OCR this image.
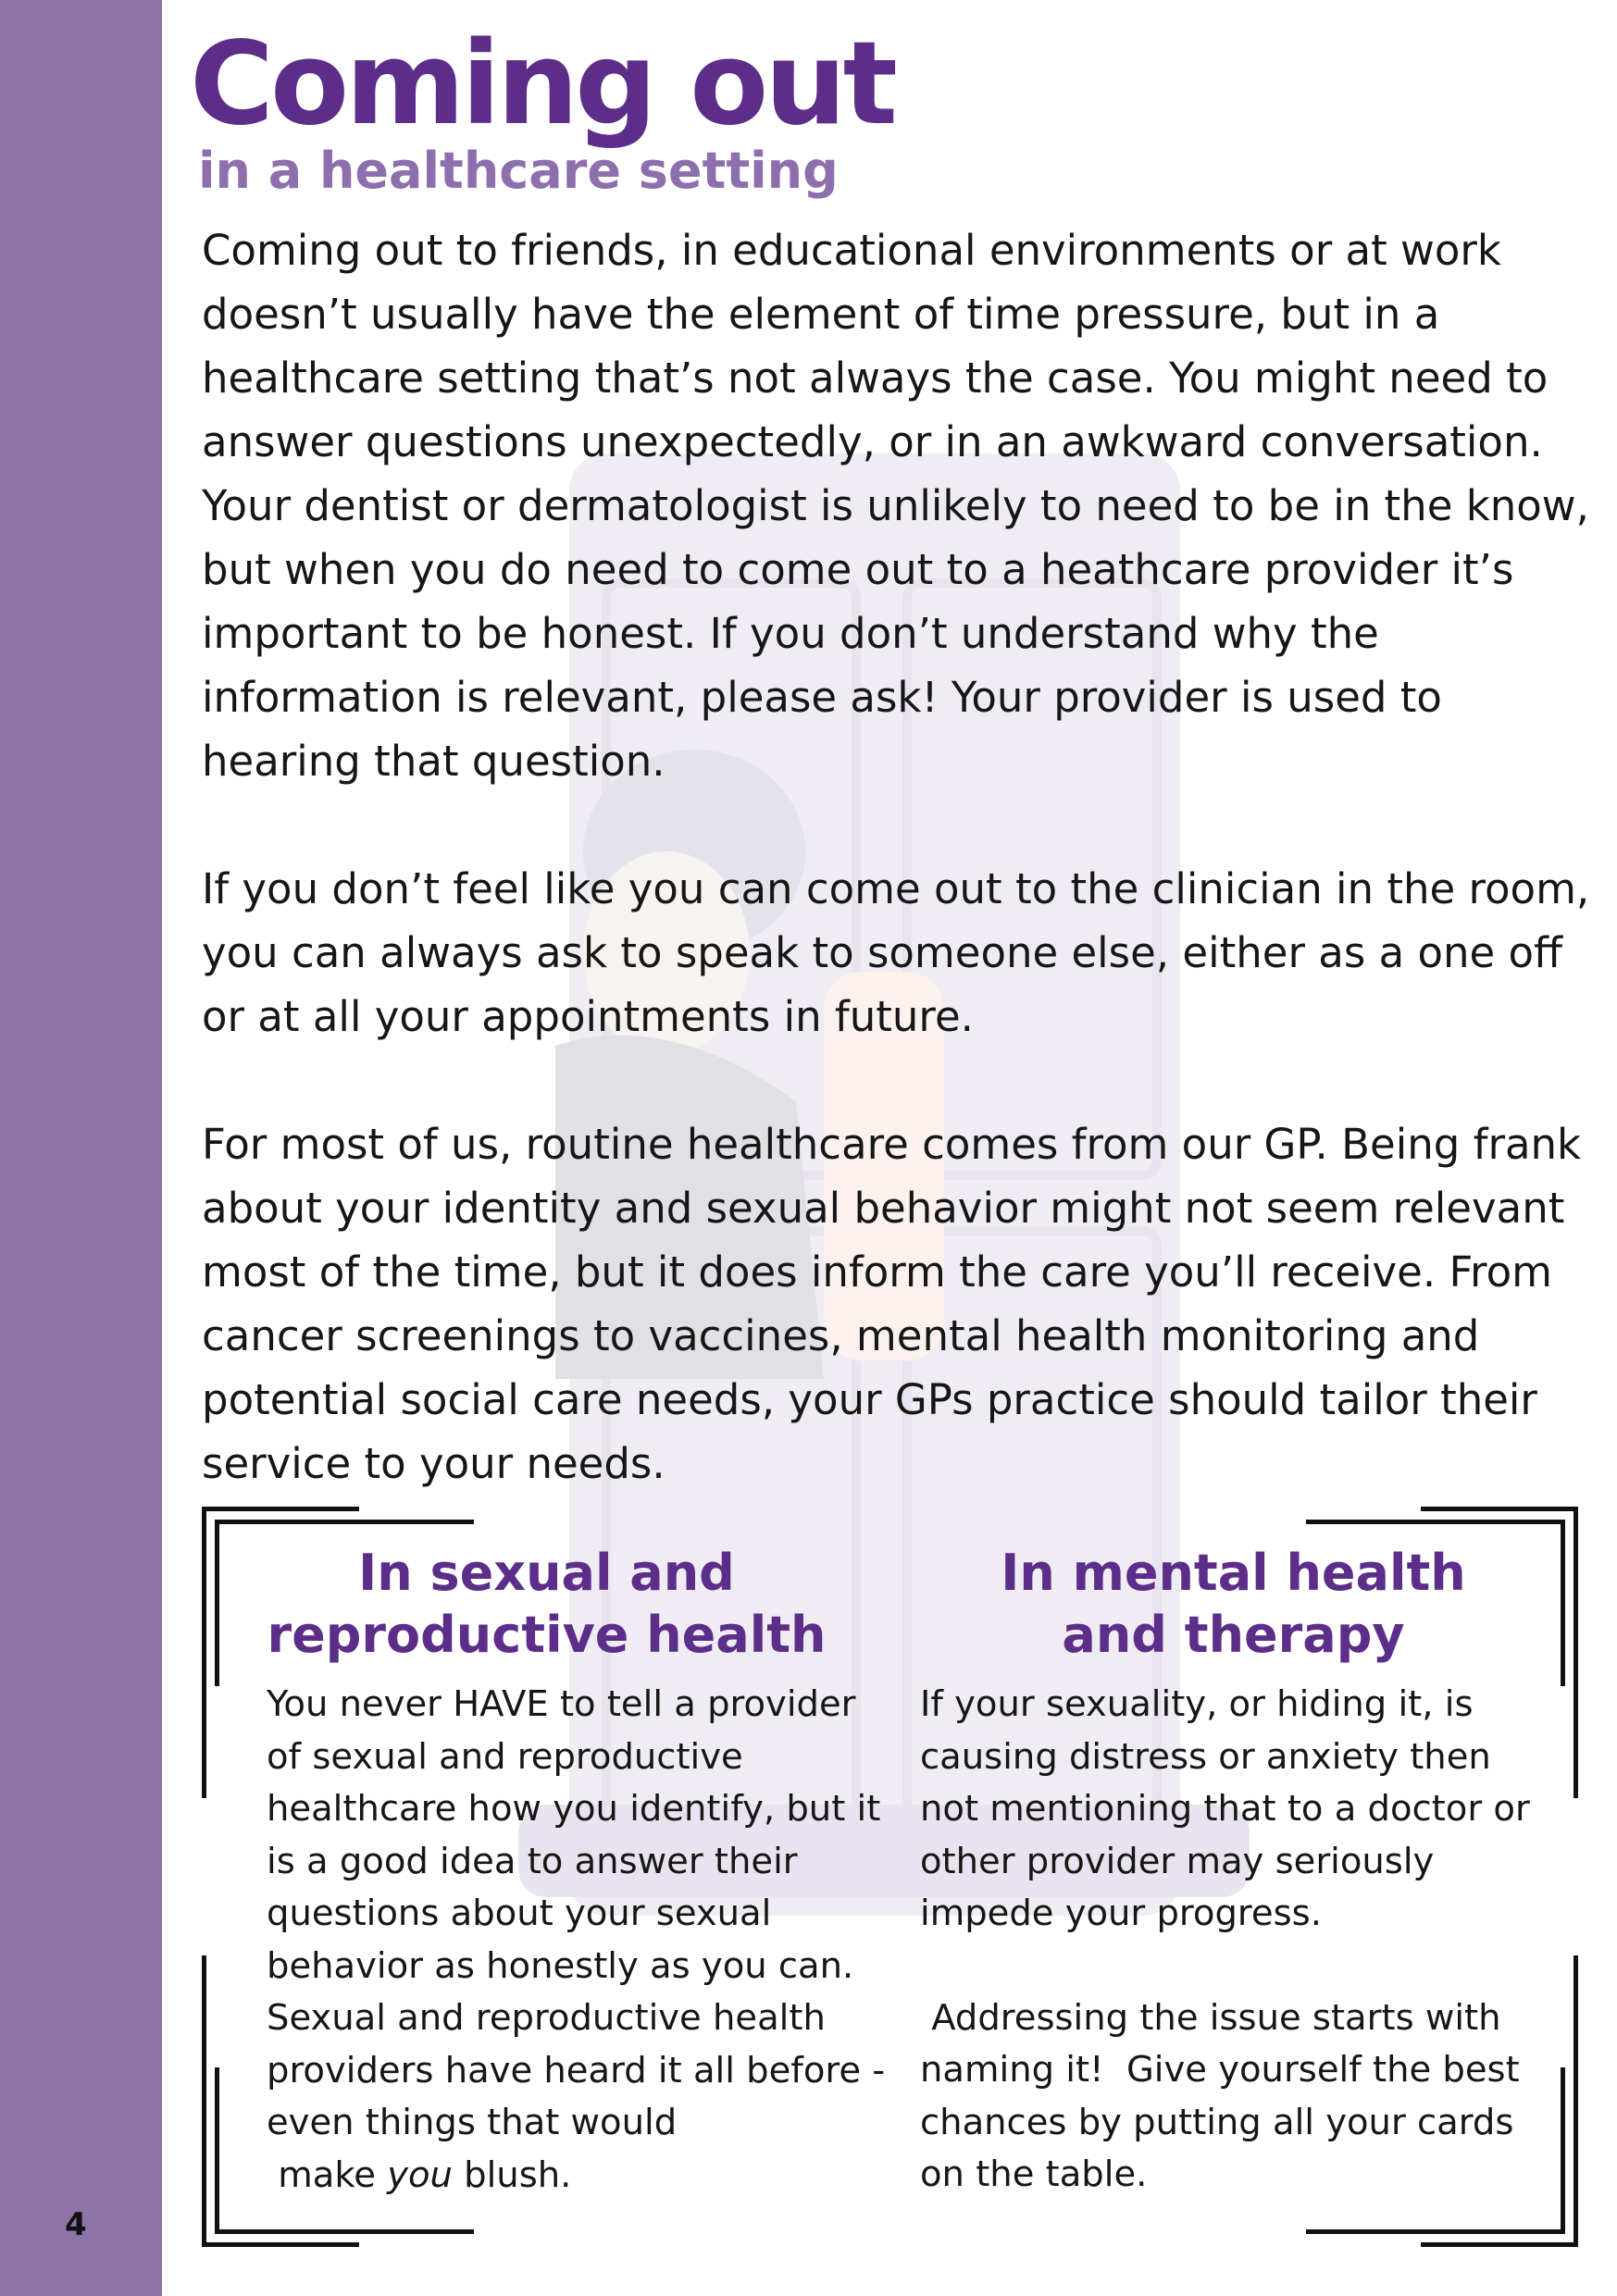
4
Coming out
in a healthcare setting

Coming out to friends, in educational environments or at work doesn’t usually have the element of time pressure, but in a healthcare setting that’s not always the case. You might need to answer questions unexpectedly, or in an awkward conversation. Your dentist or dermatologist is unlikely to need to be in the know, but when you do need to come out to a heathcare provider it’s important to be honest. If you don’t understand why the information is relevant, please ask! Your provider is used to hearing that question.

If you don’t feel like you can come out to the clinician in the room, you can always ask to speak to someone else, either as a one off or at all your appointments in future.

For most of us, routine healthcare comes from our GP. Being frank about your identity and sexual behavior might not seem relevant most of the time, but it does inform the care you’ll receive. From cancer screenings to vaccines, mental health monitoring and potential social care needs, your GPs practice should tailor their service to your needs.

In sexual and
reproductive health

You never HAVE to tell a provider of sexual and reproductive healthcare how you identify, but it is a good idea to answer their questions about your sexual behavior as honestly as you can. Sexual and reproductive health providers have heard it all before - even things that would
make you blush.

In mental health
and therapy

If your sexuality, or hiding it, is causing distress or anxiety then not mentioning that to a doctor or other provider may seriously impede your progress.

Addressing the issue starts with naming it!  Give yourself the best chances by putting all your cards on the table.
